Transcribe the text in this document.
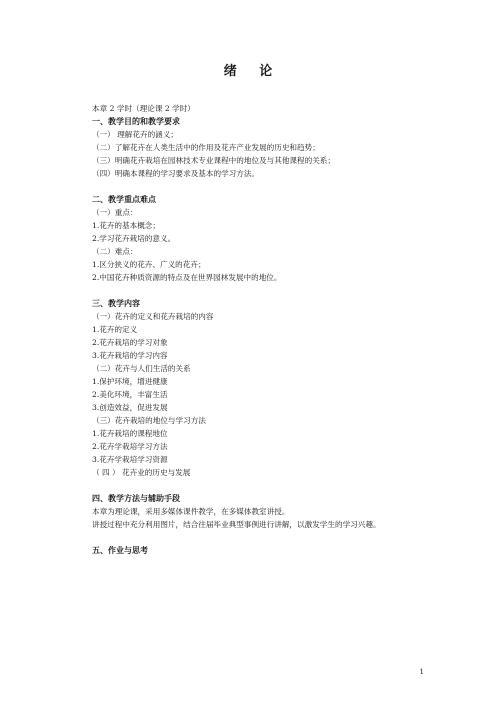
绪 论
本章 2 学时（理论课 2 学时）
一、教学目的和教学要求
（一） 理解花卉的涵义；
（二）了解花卉在人类生活中的作用及花卉产业发展的历史和趋势；
（三）明确花卉栽培在园林技术专业课程中的地位及与其他课程的关系；
（四）明确本课程的学习要求及基本的学习方法。
二、教学重点难点
（一）重点：
1.花卉的基本概念；
2.学习花卉栽培的意义。
（二）难点：
1.区分狭义的花卉、广义的花卉；
2.中国花卉种质资源的特点及在世界园林发展中的地位。
三、教学内容
（一）花卉的定义和花卉栽培的内容
1.花卉的定义
2.花卉栽培的学习对象
3.花卉栽培的学习内容
（二）花卉与人们生活的关系
1.保护环境，增进健康
2.美化环境，丰富生活
3.创造效益，促进发展
（三）花卉栽培的地位与学习方法
1.花卉栽培的课程地位
2.花卉学栽培学习方法
3.花卉学栽培学习资源
（ 四 ） 花卉业的历史与发展
四、教学方法与辅助手段
本章为理论课，采用多媒体课件教学，在多媒体教室讲授。
讲授过程中充分利用图片，结合往届毕业典型事例进行讲解，以激发学生的学习兴趣。
五、作业与思考
1
